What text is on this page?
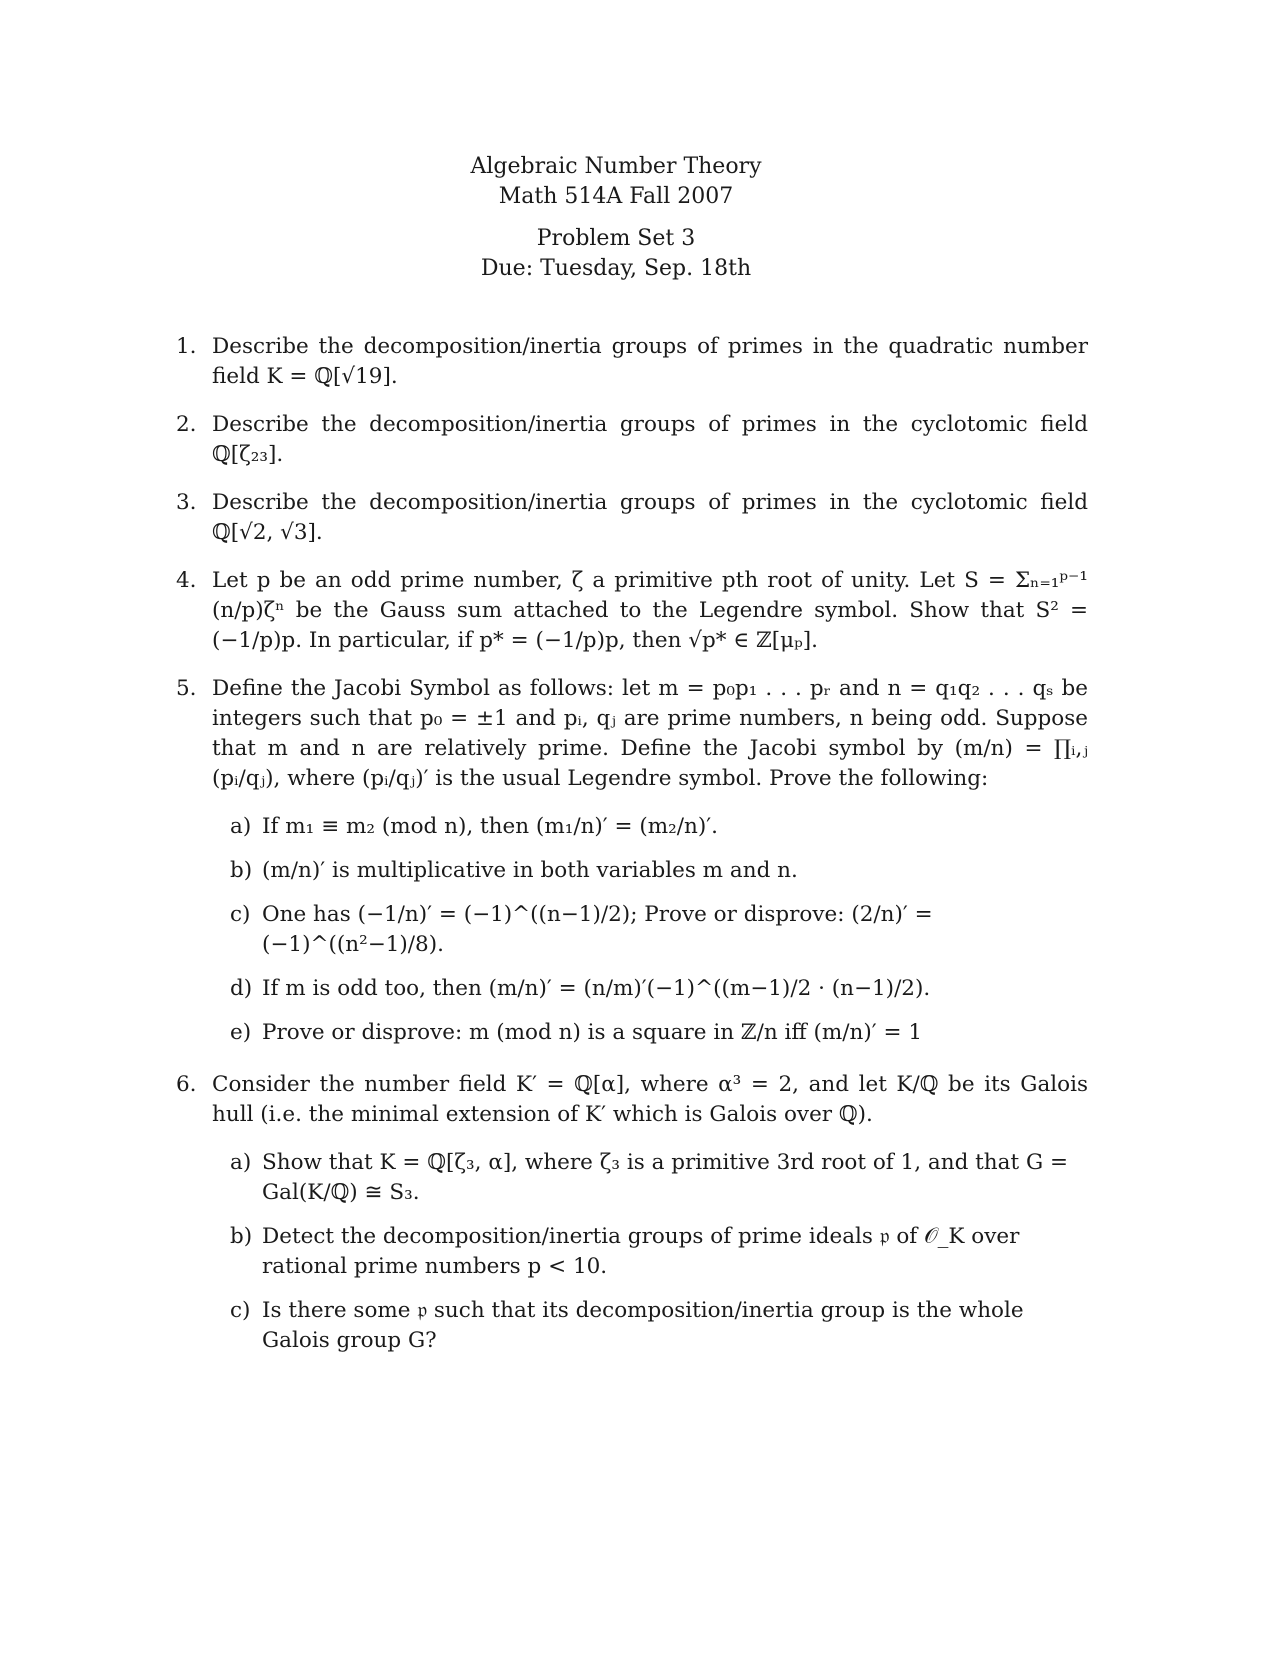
Algebraic Number Theory
Math 514A Fall 2007
Problem Set 3
Due: Tuesday, Sep. 18th
1. Describe the decomposition/inertia groups of primes in the quadratic number field K = ℚ[√19].
2. Describe the decomposition/inertia groups of primes in the cyclotomic field ℚ[ζ₂₃].
3. Describe the decomposition/inertia groups of primes in the cyclotomic field ℚ[√2, √3].
4. Let p be an odd prime number, ζ a primitive pth root of unity. Let S = Σₙ₌₁ᵖ⁻¹ (n/p)ζⁿ be the Gauss sum attached to the Legendre symbol. Show that S² = (−1/p)p. In particular, if p* = (−1/p)p, then √p* ∈ ℤ[μₚ].
5. Define the Jacobi Symbol as follows: let m = p₀p₁ . . . pᵣ and n = q₁q₂ . . . qₛ be integers such that p₀ = ±1 and pᵢ, qⱼ are prime numbers, n being odd. Suppose that m and n are relatively prime. Define the Jacobi symbol by (m/n) = ∏ᵢ,ⱼ (pᵢ/qⱼ), where (pᵢ/qⱼ)′ is the usual Legendre symbol. Prove the following:
a) If m₁ ≡ m₂ (mod n), then (m₁/n)′ = (m₂/n)′.
b) (m/n)′ is multiplicative in both variables m and n.
c) One has (−1/n)′ = (−1)^((n−1)/2); Prove or disprove: (2/n)′ = (−1)^((n²−1)/8).
d) If m is odd too, then (m/n)′ = (n/m)′(−1)^((m−1)/2 · (n−1)/2).
e) Prove or disprove: m (mod n) is a square in ℤ/n iff (m/n)′ = 1
6. Consider the number field K′ = ℚ[α], where α³ = 2, and let K/ℚ be its Galois hull (i.e. the minimal extension of K′ which is Galois over ℚ).
a) Show that K = ℚ[ζ₃, α], where ζ₃ is a primitive 3rd root of 1, and that G = Gal(K/ℚ) ≅ S₃.
b) Detect the decomposition/inertia groups of prime ideals 𝔭 of 𝒪_K over rational prime numbers p < 10.
c) Is there some 𝔭 such that its decomposition/inertia group is the whole Galois group G?
